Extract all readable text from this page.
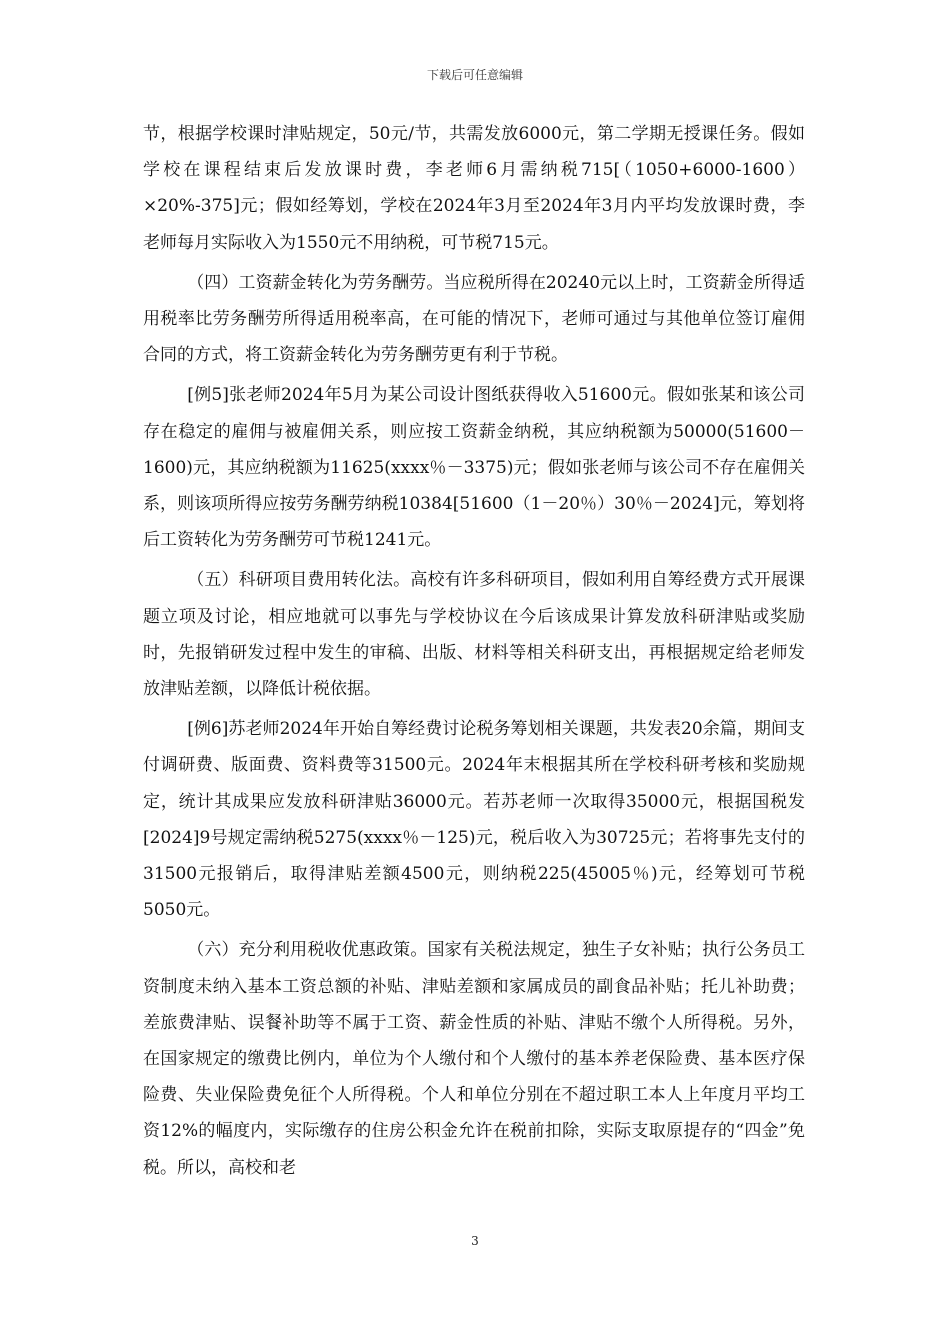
下载后可任意编辑

节，根据学校课时津贴规定，50元/节，共需发放6000元，第二学期无授课任务。假如学校在课程结束后发放课时费，李老师6月需纳税715[（1050+6000-1600）×20%-375]元；假如经筹划，学校在2024年3月至2024年3月内平均发放课时费，李老师每月实际收入为1550元不用纳税，可节税715元。

（四）工资薪金转化为劳务酬劳。当应税所得在20240元以上时，工资薪金所得适用税率比劳务酬劳所得适用税率高，在可能的情况下，老师可通过与其他单位签订雇佣合同的方式，将工资薪金转化为劳务酬劳更有利于节税。

[例5]张老师2024年5月为某公司设计图纸获得收入51600元。假如张某和该公司存在稳定的雇佣与被雇佣关系，则应按工资薪金纳税，其应纳税额为50000(51600－1600)元，其应纳税额为11625(xxxx％－3375)元；假如张老师与该公司不存在雇佣关系，则该项所得应按劳务酬劳纳税10384[51600（1－20％）30％－2024]元，筹划将后工资转化为劳务酬劳可节税1241元。

（五）科研项目费用转化法。高校有许多科研项目，假如利用自筹经费方式开展课题立项及讨论，相应地就可以事先与学校协议在今后该成果计算发放科研津贴或奖励时，先报销研发过程中发生的审稿、出版、材料等相关科研支出，再根据规定给老师发放津贴差额，以降低计税依据。

[例6]苏老师2024年开始自筹经费讨论税务筹划相关课题，共发表20余篇，期间支付调研费、版面费、资料费等31500元。2024年末根据其所在学校科研考核和奖励规定，统计其成果应发放科研津贴36000元。若苏老师一次取得35000元，根据国税发[2024]9号规定需纳税5275(xxxx％－125)元，税后收入为30725元；若将事先支付的31500元报销后，取得津贴差额4500元，则纳税225(45005％)元，经筹划可节税5050元。

（六）充分利用税收优惠政策。国家有关税法规定，独生子女补贴；执行公务员工资制度未纳入基本工资总额的补贴、津贴差额和家属成员的副食品补贴；托儿补助费；差旅费津贴、误餐补助等不属于工资、薪金性质的补贴、津贴不缴个人所得税。另外，在国家规定的缴费比例内，单位为个人缴付和个人缴付的基本养老保险费、基本医疗保险费、失业保险费免征个人所得税。个人和单位分别在不超过职工本人上年度月平均工资12%的幅度内，实际缴存的住房公积金允许在税前扣除，实际支取原提存的“四金”免税。所以，高校和老

3
